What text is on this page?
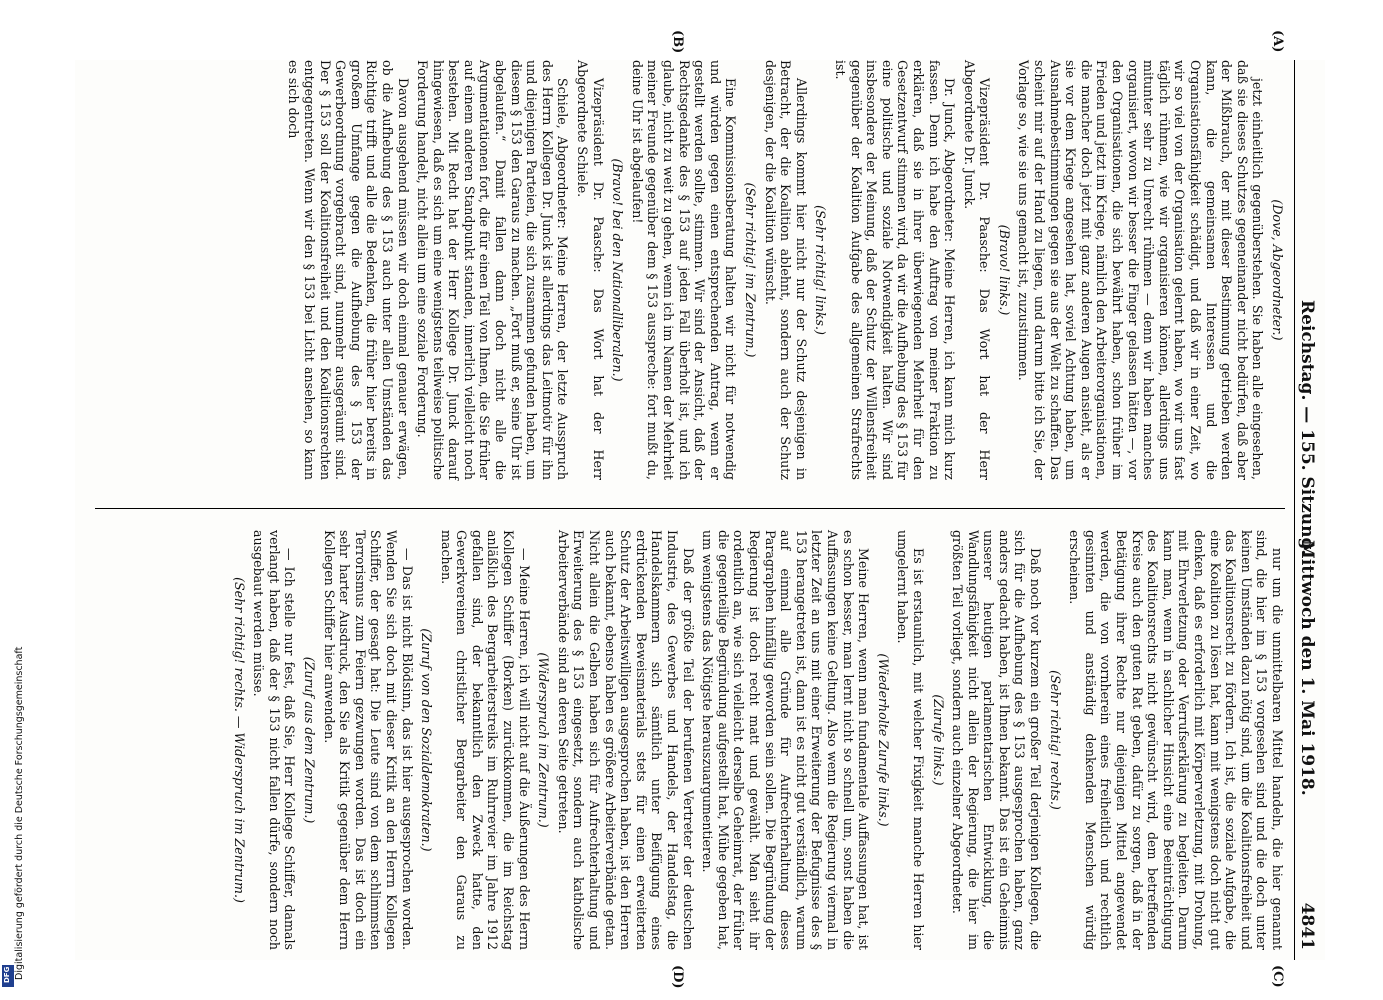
Reichstag. — 155. Sitzung.
Mittwoch den 1. Mai 1918.
4841
(A)
(B)
(C)
(D)

(Dove, Abgeordneter.)

jetzt einheitlich gegenüberstehen. Sie haben alle eingesehen, daß sie dieses Schutzes gegeneinander nicht bedürfen, daß aber der Mißbrauch, der mit dieser Bestimmung getrieben werden kann, die gemeinsamen Interessen und die Organisationsfähigkeit schädigt, und daß wir in einer Zeit, wo wir so viel von der Organisation gelernt haben, wo wir uns fast täglich rühmen, wie wir organisieren können, allerdings uns mitunter sehr zu Unrecht rühmen — denn wir haben manches organisiert, wovon wir besser die Finger gelassen hätten —, vor den Organisationen, die sich bewährt haben, schon früher im Frieden und jetzt im Kriege, nämlich den Arbeiterorganisationen, die mancher doch jetzt mit ganz anderen Augen ansieht, als er sie vor dem Kriege angesehen hat, soviel Achtung haben, um Ausnahmebestimmungen gegen sie aus der Welt zu schaffen. Das scheint mir auf der Hand zu liegen, und darum bitte ich Sie, der Vorlage so, wie sie uns gemacht ist, zuzustimmen.

(Bravo! links.)

Vizepräsident Dr. Paasche: Das Wort hat der Herr Abgeordnete Dr. Junck.

Dr. Junck, Abgeordneter: Meine Herren, ich kann mich kurz fassen. Denn ich habe den Auftrag von meiner Fraktion zu erklären, daß sie in ihrer überwiegenden Mehrheit für den Gesetzentwurf stimmen wird, da wir die Aufhebung des § 153 für eine politische und soziale Notwendigkeit halten. Wir sind insbesondere der Meinung, daß der Schutz der Willensfreiheit gegenüber der Koalition Aufgabe des allgemeinen Strafrechts ist.

(Sehr richtig! links.)

Allerdings kommt hier nicht nur der Schutz desjenigen in Betracht, der die Koalition ablehnt, sondern auch der Schutz desjenigen, der die Koalition wünscht.

(Sehr richtig! im Zentrum.)

Eine Kommissionsberatung halten wir nicht für notwendig und würden gegen einen entsprechenden Antrag, wenn er gestellt werden sollte, stimmen. Wir sind der Ansicht, daß der Rechtsgedanke des § 153 auf jeden Fall überholt ist, und ich glaube, nicht zu weit zu gehen, wenn ich im Namen der Mehrheit meiner Freunde gegenüber dem § 153 ausspreche: fort mußt du, deine Uhr ist abgelaufen!

(Bravo! bei den Nationalliberalen.)

Vizepräsident Dr. Paasche: Das Wort hat der Herr Abgeordnete Schiele.

Schiele, Abgeordneter: Meine Herren, der letzte Ausspruch des Herrn Kollegen Dr. Junck ist allerdings das Leitmotiv für ihn und diejenigen Parteien, die sich zusammen gefunden haben, um diesem § 153 den Garaus zu machen. „Fort muß er, seine Uhr ist abgelaufen.“ Damit fallen dann doch nicht alle die Argumentationen fort, die für einen Teil von Ihnen, die Sie früher auf einem anderen Standpunkt standen, innerlich vielleicht noch bestehen. Mit Recht hat der Herr Kollege Dr. Junck darauf hingewiesen, daß es sich um eine wenigstens teilweise politische Forderung handelt, nicht allein um eine soziale Forderung.

Davon ausgehend müssen wir doch einmal genauer erwägen, ob die Aufhebung des § 153 auch unter allen Umständen das Richtige trifft und alle die Bedenken, die früher hier bereits in großem Umfange gegen die Aufhebung des § 153 der Gewerbeordnung vorgebracht sind, nunmehr ausgeräumt sind. Der § 153 soll der Koalitionsfreiheit und den Koalitionsrechten entgegentreten. Wenn wir den § 153 bei Licht ansehen, so kann es sich doch

nur um die unmittelbaren Mittel handeln, die hier genannt sind, die hier im § 153 vorgesehen sind und die doch unter keinen Umständen dazu nötig sind, um die Koalitionsfreiheit und das Koalitionsrecht zu fördern. Ich ist, die soziale Aufgabe, die eine Koalition zu lösen hat, kann mit wenigstens doch nicht gut denken, daß es erforderlich mit Körperverletzung, mit Drohung, mit Ehrverletzung oder Verrufserklärung zu begleiten. Darum kann man, wenn in sachlicher Hinsicht eine Beeinträchtigung des Koalitionsrechts nicht gewünscht wird, dem betreffenden Kreise auch den guten Rat geben, dafür zu sorgen, daß in der Betätigung ihrer Rechte nur diejenigen Mittel angewendet werden, die von vornherein eines freiheitlich und rechtlich gesinnten und anständig denkenden Menschen würdig erscheinen.

(Sehr richtig! rechts.)

Daß noch vor kurzem ein großer Teil derjenigen Kollegen, die sich für die Aufhebung des § 153 ausgesprochen haben, ganz anders gedacht haben, ist Ihnen bekannt. Das ist ein Geheimnis unserer heutigen parlamentarischen Entwicklung, die Wandlungsfähigkeit nicht allein der Regierung, die hier im größten Teil vorliegt, sondern auch einzelner Abgeordneter.

(Zurufe links.)

Es ist erstaunlich, mit welcher Fixigkeit manche Herren hier umgelernt haben.

(Wiederholte Zurufe links.)

Meine Herren, wenn man fundamentale Auffassungen hat, ist es schon besser, man lernt nicht so schnell um, sonst haben die Auffassungen keine Geltung. Also wenn die Regierung viermal in letzter Zeit an uns mit einer Erweiterung der Befugnisse des § 153 herangetreten ist, dann ist es nicht gut verständlich, warum auf einmal alle Gründe für Aufrechterhaltung dieses Paragraphen hinfällig geworden sein sollen. Die Begründung der Regierung ist doch recht matt und gewählt. Man sieht ihr ordentlich an, wie sich vielleicht derselbe Geheimrat, der früher die gegenteilige Begründung aufgestellt hat, Mühe gegeben hat, um wenigstens das Nötigste herauszuargumentieren.

Daß der größte Teil der berufenen Vertreter der deutschen Industrie, des Gewerbes und Handels, der Handelstag, die Handelskammern sich sämtlich unter Beifügung eines erdrückenden Beweismaterials stets für einen erweiterten Schutz der Arbeitswilligen ausgesprochen haben, ist den Herren auch bekannt, ebenso haben es größere Arbeiterverbände getan. Nicht allein die Gelben haben sich für Aufrechterhaltung und Erweiterung des § 153 eingesetzt, sondern auch katholische Arbeiterverbände sind an deren Seite getreten.

(Widerspruch im Zentrum.)

— Meine Herren, ich will nicht auf die Äußerungen des Herrn Kollegen Schiffer (Borken) zurückkommen, die im Reichstag anläßlich des Bergarbeiterstreiks im Ruhrrevier im Jahre 1912 gefallen sind, der bekanntlich den Zweck hatte, den Gewerkvereinen christlicher Bergarbeiter den Garaus zu machen.

(Zuruf von den Sozialdemokraten.)

— Das ist nicht Blödsinn, das ist hier ausgesprochen worden. Wenden Sie sich doch mit dieser Kritik an den Herrn Kollegen Schiffer, der gesagt hat: Die Leute sind von dem schlimmsten Terrorismus zum Feiern gezwungen worden. Das ist doch ein sehr harter Ausdruck, den Sie als Kritik gegenüber dem Herrn Kollegen Schiffer hier anwenden.

(Zuruf aus dem Zentrum.)

— Ich stelle nur fest, daß Sie, Herr Kollege Schiffer, damals verlangt haben, daß der § 153 nicht fallen dürfe, sondern noch ausgebaut werden müsse.

(Sehr richtig! rechts. — Widerspruch im Zentrum.)

Digitalisierung gefördert durch die Deutsche Forschungsgemeinschaft
DFG
